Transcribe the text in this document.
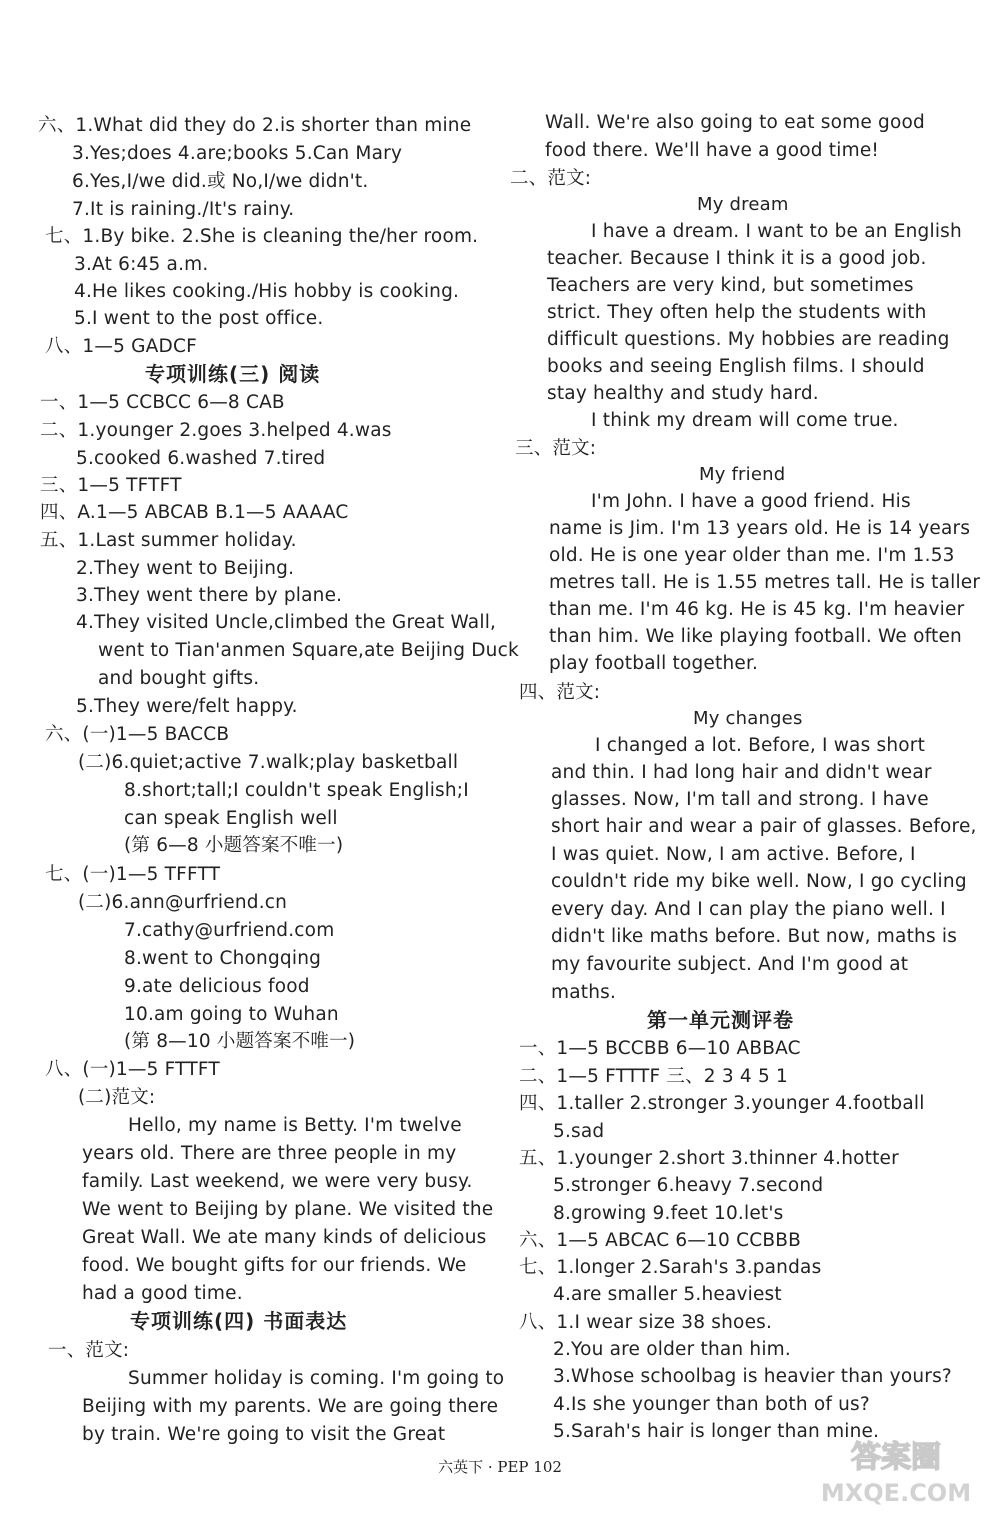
六、1.What did they do 2.is shorter than mine
3.Yes;does 4.are;books 5.Can Mary
6.Yes,I/we did.或 No,I/we didn't.
7.It is raining./It's rainy.
七、1.By bike. 2.She is cleaning the/her room.
3.At 6:45 a.m.
4.He likes cooking./His hobby is cooking.
5.I went to the post office.
八、1—5 GADCF
专项训练(三) 阅读
一、1—5 CCBCC 6—8 CAB
二、1.younger 2.goes 3.helped 4.was
5.cooked 6.washed 7.tired
三、1—5 TFTFT
四、A.1—5 ABCAB B.1—5 AAAAC
五、1.Last summer holiday.
2.They went to Beijing.
3.They went there by plane.
4.They visited Uncle,climbed the Great Wall,
went to Tian'anmen Square,ate Beijing Duck
and bought gifts.
5.They were/felt happy.
六、(一)1—5 BACCB
(二)6.quiet;active 7.walk;play basketball
8.short;tall;I couldn't speak English;I
can speak English well
(第 6—8 小题答案不唯一)
七、(一)1—5 TFFTT
(二)6.ann@urfriend.cn
7.cathy@urfriend.com
8.went to Chongqing
9.ate delicious food
10.am going to Wuhan
(第 8—10 小题答案不唯一)
八、(一)1—5 FTTFT
(二)范文:
Hello, my name is Betty. I'm twelve
years old. There are three people in my
family. Last weekend, we were very busy.
We went to Beijing by plane. We visited the
Great Wall. We ate many kinds of delicious
food. We bought gifts for our friends. We
had a good time.
专项训练(四) 书面表达
一、范文:
Summer holiday is coming. I'm going to
Beijing with my parents. We are going there
by train. We're going to visit the Great
Wall. We're also going to eat some good
food there. We'll have a good time!
二、范文:
My dream
I have a dream. I want to be an English
teacher. Because I think it is a good job.
Teachers are very kind, but sometimes
strict. They often help the students with
difficult questions. My hobbies are reading
books and seeing English films. I should
stay healthy and study hard.
I think my dream will come true.
三、范文:
My friend
I'm John. I have a good friend. His
name is Jim. I'm 13 years old. He is 14 years
old. He is one year older than me. I'm 1.53
metres tall. He is 1.55 metres tall. He is taller
than me. I'm 46 kg. He is 45 kg. I'm heavier
than him. We like playing football. We often
play football together.
四、范文:
My changes
I changed a lot. Before, I was short
and thin. I had long hair and didn't wear
glasses. Now, I'm tall and strong. I have
short hair and wear a pair of glasses. Before,
I was quiet. Now, I am active. Before, I
couldn't ride my bike well. Now, I go cycling
every day. And I can play the piano well. I
didn't like maths before. But now, maths is
my favourite subject. And I'm good at
maths.
第一单元测评卷
一、1—5 BCCBB 6—10 ABBAC
二、1—5 FTTTF 三、2 3 4 5 1
四、1.taller 2.stronger 3.younger 4.football
5.sad
五、1.younger 2.short 3.thinner 4.hotter
5.stronger 6.heavy 7.second
8.growing 9.feet 10.let's
六、1—5 ABCAC 6—10 CCBBB
七、1.longer 2.Sarah's 3.pandas
4.are smaller 5.heaviest
八、1.I wear size 38 shoes.
2.You are older than him.
3.Whose schoolbag is heavier than yours?
4.Is she younger than both of us?
5.Sarah's hair is longer than mine.
六英下 · PEP 102	答案圈
MXQE.COM
